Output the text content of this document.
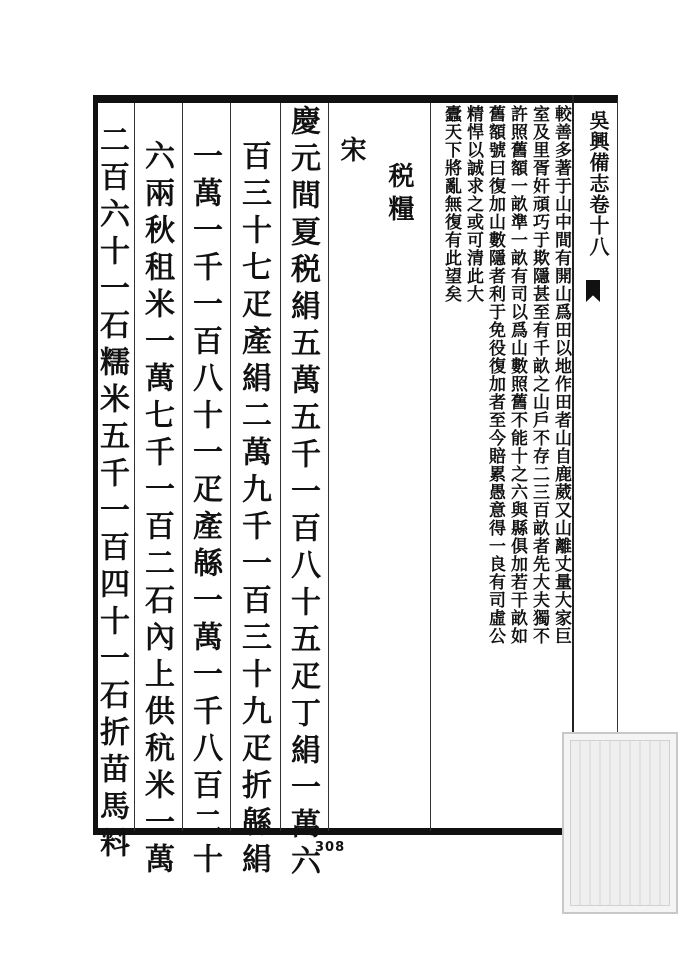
吳興備志卷十八
較善多著于山中間有開山爲田以地作田者山自鹿葳又山離丈量大家巨
室及里胥奸頑巧于欺隱甚至有千畝之山戶不存二三百畝者先大夫獨不
許照舊額一畝準一畝有司以爲山數照舊不能十之六與縣俱加若干畝如
舊額號曰復加山數隱者利于免役復加者至今賠累愚意得一良有司虛公
精悍以誠求之或可清此大
蠹天下將亂無復有此望矣
税糧
宋
慶元間夏税絹五萬五千一百八十五疋丁絹一萬六
百三十七疋產絹二萬九千一百三十九疋折緜絹
一萬一千一百八十一疋產緜一萬一千八百二十
六兩秋租米一萬七千一百二石內上供秔米一萬
二百六十一石糯米五千一百四十一石折苗馬料	308
